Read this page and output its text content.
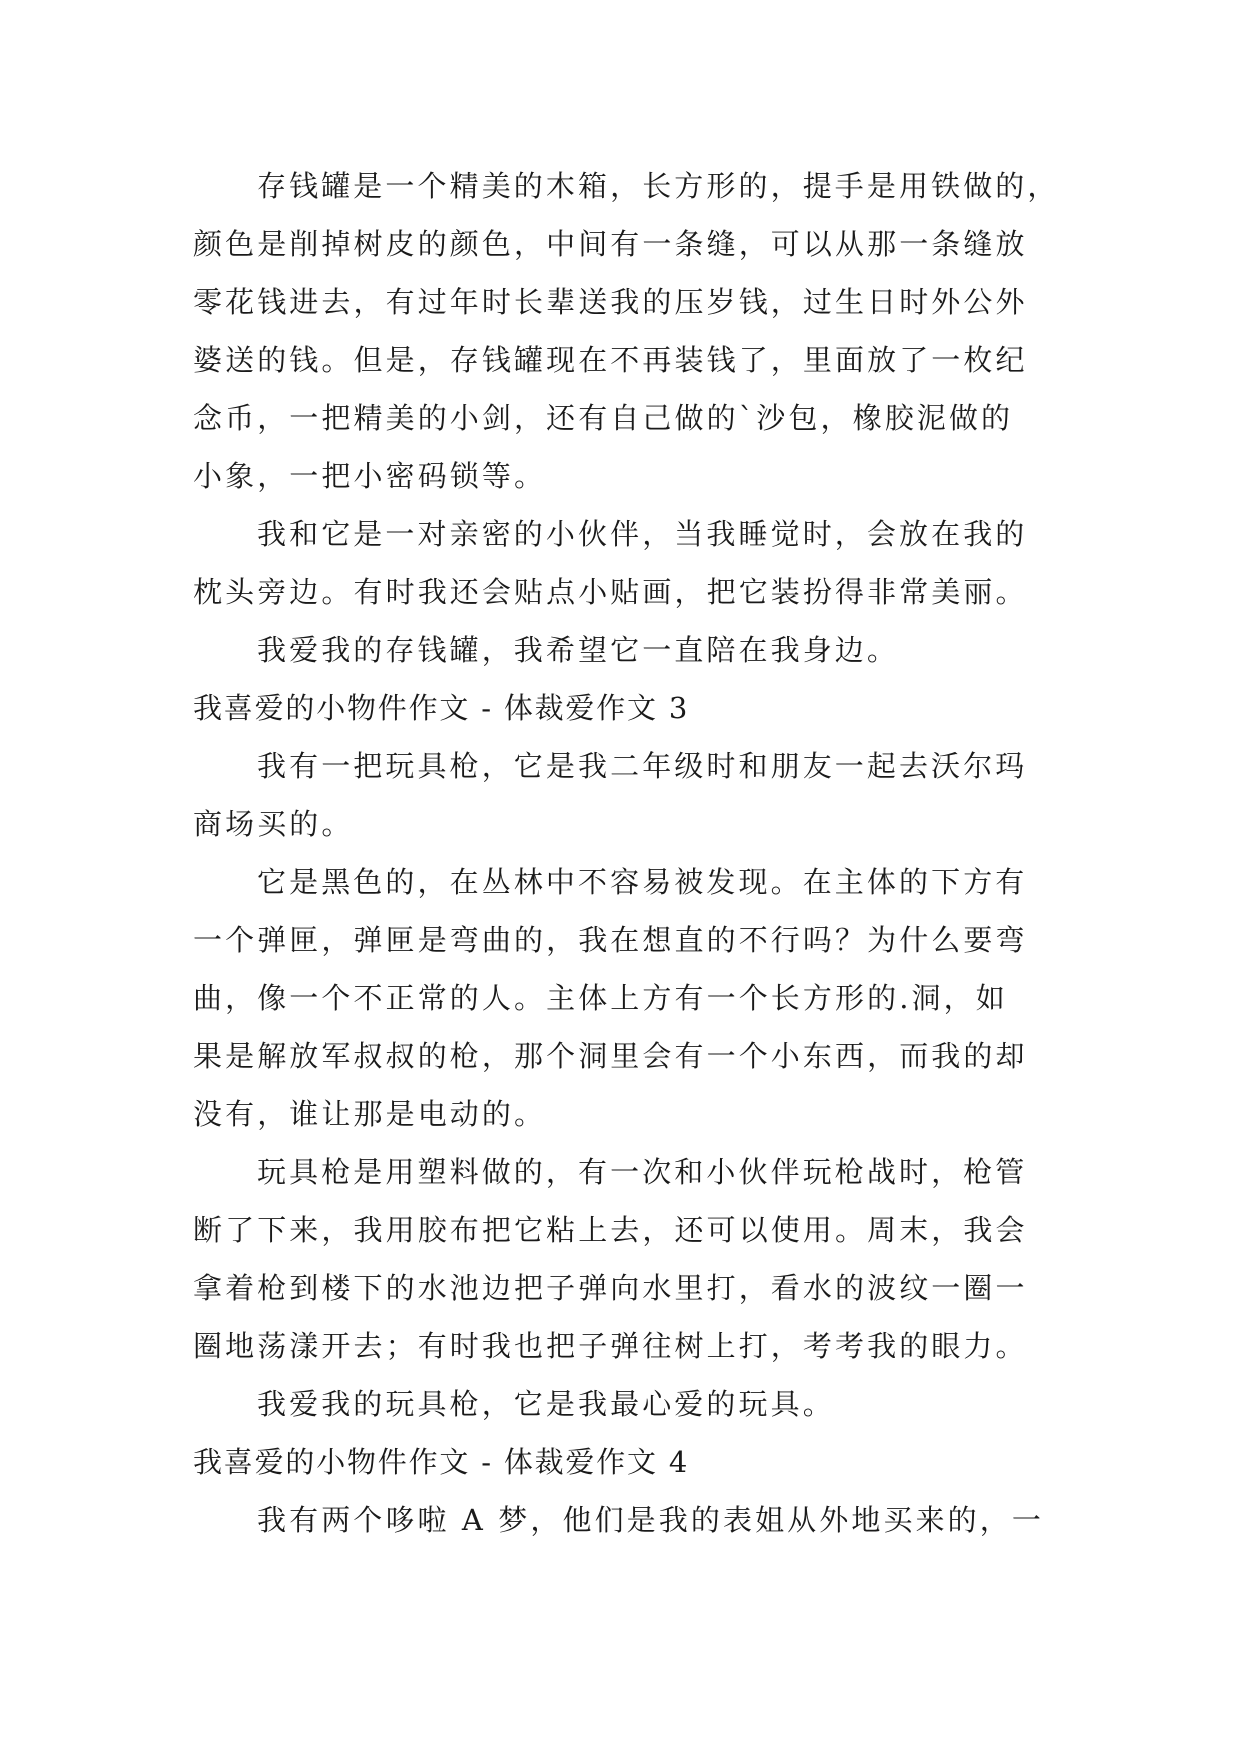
存钱罐是一个精美的木箱，长方形的，提手是用铁做的，
颜色是削掉树皮的颜色，中间有一条缝，可以从那一条缝放
零花钱进去，有过年时长辈送我的压岁钱，过生日时外公外
婆送的钱。但是，存钱罐现在不再装钱了，里面放了一枚纪
念币，一把精美的小剑，还有自己做的`沙包，橡胶泥做的
小象，一把小密码锁等。
我和它是一对亲密的小伙伴，当我睡觉时，会放在我的
枕头旁边。有时我还会贴点小贴画，把它装扮得非常美丽。
我爱我的存钱罐，我希望它一直陪在我身边。
我喜爱的小物件作文 - 体裁爱作文 3
我有一把玩具枪，它是我二年级时和朋友一起去沃尔玛
商场买的。
它是黑色的，在丛林中不容易被发现。在主体的下方有
一个弹匣，弹匣是弯曲的，我在想直的不行吗？为什么要弯
曲，像一个不正常的人。主体上方有一个长方形的.洞，如
果是解放军叔叔的枪，那个洞里会有一个小东西，而我的却
没有，谁让那是电动的。
玩具枪是用塑料做的，有一次和小伙伴玩枪战时，枪管
断了下来，我用胶布把它粘上去，还可以使用。周末，我会
拿着枪到楼下的水池边把子弹向水里打，看水的波纹一圈一
圈地荡漾开去；有时我也把子弹往树上打，考考我的眼力。
我爱我的玩具枪，它是我最心爱的玩具。
我喜爱的小物件作文 - 体裁爱作文 4
我有两个哆啦 A 梦，他们是我的表姐从外地买来的，一
